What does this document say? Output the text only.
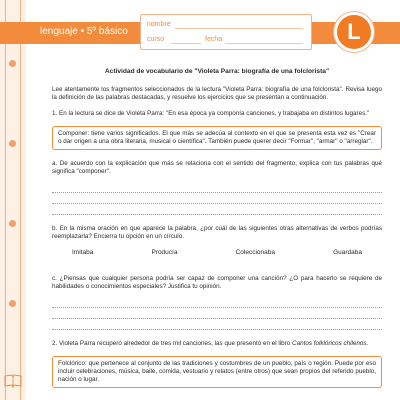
lenguaje • 5º básico
nombre
curso	fecha	L
Actividad de vocabulario de "Violeta Parra: biografía de una folclorista"

Lee atentamente los fragmentos seleccionados de la lectura "Violeta Parra: biografía de una folclorista". Revisa luego la definición de las palabras destacadas, y resuelve los ejercicios que se presentan a continuación.

1. En la lectura se dice de Violeta Parra: "En esa época ya componía canciones, y trabajaba en distintos lugares."

Componer: tiene varios significados. El que más se adecúa al contexto en el que se presenta esta vez es "Crear o dar origen a una obra literaria, musical o científica". También puede querer decir "Formar", "armar" o "arreglar".

a. De acuerdo con la explicación que más se relaciona con el sentido del fragmento, explica con tus palabras qué significa "componer".

b. En la misma oración en que aparece la palabra, ¿por cuál de las siguientes otras alternativas de verbos podrías reemplazarla? Encierra tu opción en un círculo.

Imitaba	Producía	Coleccionaba	Guardaba

c. ¿Piensas que cualquier persona podría ser capaz de componer una canción? ¿O para hacerlo se requiere de habilidades o conocimientos especiales? Justifica tu opinión.

2. Violeta Parra recuperó alrededor de tres mil canciones, las que presentó en el libro Cantos folklóricos chilenos.

Folclórico: que pertenece al conjunto de las tradiciones y costumbres de un pueblo, país o región. Puede por eso incluir celebraciones, música, baile, comida, vestuario y relatos (entre otros) que sean propios del referido pueblo, nación o lugar.
